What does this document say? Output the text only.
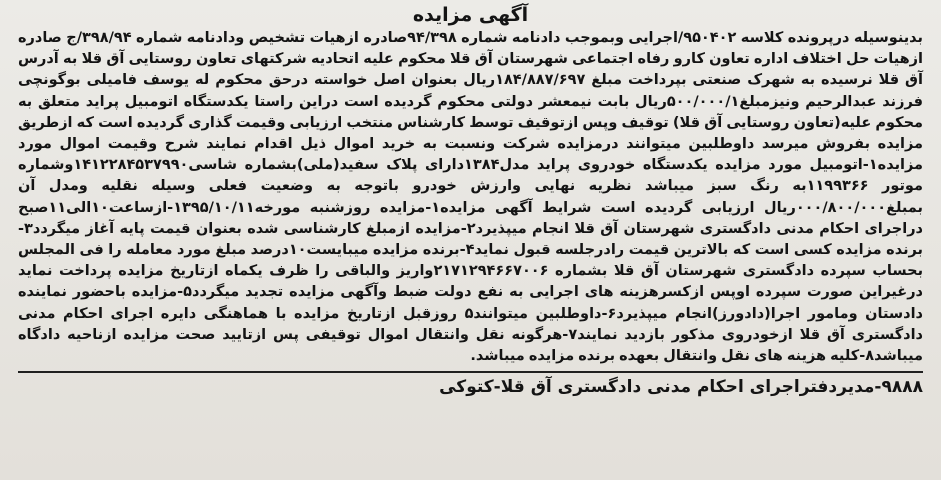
آگهی مزایده

بدینوسیله درپرونده کلاسه ۹۵۰۴۰۲/اجرایی وبموجب دادنامه شماره ۹۴/۳۹۸صادره ازهیات تشخیص ودادنامه شماره ۳۹۸/۹۴/ج صادره ازهیات حل اختلاف اداره تعاون کارو رفاه اجتماعی شهرستان آق قلا محکوم علیه اتحادیه شرکتهای تعاون روستایی آق قلا به آدرس آق قلا نرسیده به شهرک صنعتی بپرداخت مبلغ ۱۸۴/۸۸۷/۶۹۷ریال بعنوان اصل خواسته درحق محکوم له یوسف فامیلی بوگونچی فرزند عبدالرحیم ونیزمبلغ۵۰۰/۰۰۰/۱ریال بابت نیمعشر دولتی محکوم گردیده است دراین راستا یکدستگاه اتومبیل پراید متعلق به محکوم علیه(تعاون روستایی آق قلا) توقیف وپس ازتوقیف توسط کارشناس منتخب ارزیابی وقیمت گذاری گردیده است که ازطریق مزایده بفروش میرسد داوطلبین میتوانند درمزایده شرکت ونسبت به خرید اموال ذیل اقدام نمایند شرح وقیمت اموال مورد مزایده۱-اتومبیل مورد مزایده یکدستگاه خودروی پراید مدل۱۳۸۴دارای پلاک سفید(ملی)بشماره شاسی۱۴۱۲۲۸۴۵۳۷۹۹۰وشماره موتور ۱۱۹۹۳۶۶به رنگ سبز میباشد نظریه نهایی وارزش خودرو باتوجه به وضعیت فعلی وسیله نقلیه ومدل آن بمبلغ۰۰۰/۸۰۰/۰۰۰ریال ارزیابی گردیده است شرایط آگهی مزایده۱-مزایده روزشنبه مورخه۱۳۹۵/۱۰/۱۱-ازساعت۱۰الی۱۱صبح دراجرای احکام مدنی دادگستری شهرستان آق قلا انجام میپذیرد۲-مزایده ازمبلغ کارشناسی شده بعنوان قیمت پایه آغاز میگردد۳-برنده مزایده کسی است که بالاترین قیمت رادرجلسه قبول نماید۴-برنده مزایده میبایست۱۰درصد مبلغ مورد معامله را فی المجلس بحساب سپرده دادگستری شهرستان آق قلا بشماره ۲۱۷۱۲۹۴۶۶۷۰۰۶واریز والباقی را ظرف یکماه ازتاریخ مزایده پرداخت نماید درغیراین صورت سپرده اوپس ازکسرهزینه های اجرایی به نفع دولت ضبط وآگهی مزایده تجدید میگردد۵-مزایده باحضور نماینده دادستان ومامور اجرا(دادورز)انجام میپذیرد۶-داوطلبین میتوانند۵ روزقبل ازتاریخ مزایده با هماهنگی دایره اجرای احکام مدنی دادگستری آق قلا ازخودروی مذکور بازدید نمایند۷-هرگونه نقل وانتقال اموال توقیفی پس ازتایید صحت مزایده ازناحیه دادگاه میباشد۸-کلیه هزینه های نقل وانتقال بعهده برنده مزایده میباشد.

۹۸۸۸-مدیردفتراجرای احکام مدنی دادگستری آق قلا-کتوکی
